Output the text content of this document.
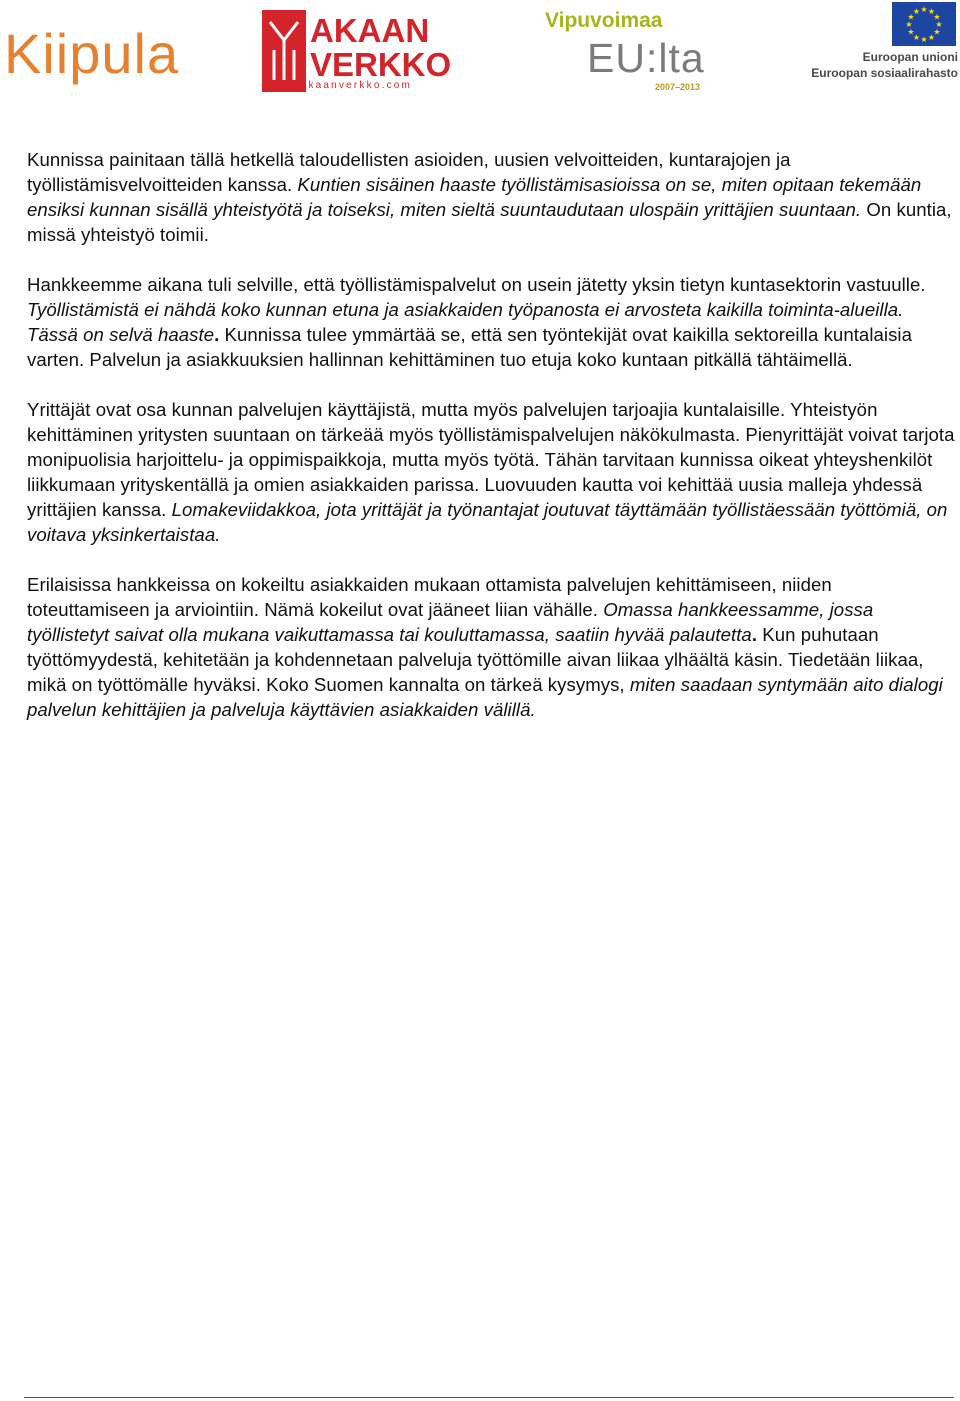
Kiipula	AKAAN
VERKKO
www.akaanverkko.com
Vipuvoimaa
EU:lta
2007–2013
★
★
★
★
★
★
★
★
★ ★ ★
★
Euroopan unioni
Euroopan sosiaalirahasto

Kunnissa painitaan tällä hetkellä taloudellisten asioiden, uusien velvoitteiden, kuntarajojen ja työllistämisvelvoitteiden kanssa. Kuntien sisäinen haaste työllistämisasioissa on se, miten opitaan tekemään ensiksi kunnan sisällä yhteistyötä ja toiseksi, miten sieltä suuntaudutaan ulospäin yrittäjien suuntaan. On kuntia, missä yhteistyö toimii.

Hankkeemme aikana tuli selville, että työllistämispalvelut on usein jätetty yksin tietyn kuntasektorin vastuulle. Työllistämistä ei nähdä koko kunnan etuna ja asiakkaiden työpanosta ei arvosteta kaikilla toiminta-alueilla. Tässä on selvä haaste. Kunnissa tulee ymmärtää se, että sen työntekijät ovat kaikilla sektoreilla kuntalaisia varten. Palvelun ja asiakkuuksien hallinnan kehittäminen tuo etuja koko kuntaan pitkällä tähtäimellä.

Yrittäjät ovat osa kunnan palvelujen käyttäjistä, mutta myös palvelujen tarjoajia kuntalaisille. Yhteistyön kehittäminen yritysten suuntaan on tärkeää myös työllistämispalvelujen näkökulmasta. Pienyrittäjät voivat tarjota monipuolisia harjoittelu- ja oppimispaikkoja, mutta myös työtä. Tähän tarvitaan kunnissa oikeat yhteyshenkilöt liikkumaan yrityskentällä ja omien asiakkaiden parissa. Luovuuden kautta voi kehittää uusia malleja yhdessä yrittäjien kanssa. Lomakeviidakkoa, jota yrittäjät ja työnantajat joutuvat täyttämään työllistäessään työttömiä, on voitava yksinkertaistaa.

Erilaisissa hankkeissa on kokeiltu asiakkaiden mukaan ottamista palvelujen kehittämiseen, niiden toteuttamiseen ja arviointiin. Nämä kokeilut ovat jääneet liian vähälle. Omassa hankkeessamme, jossa työllistetyt saivat olla mukana vaikuttamassa tai kouluttamassa, saatiin hyvää palautetta. Kun puhutaan työttömyydestä, kehitetään ja kohdennetaan palveluja työttömille aivan liikaa ylhäältä käsin. Tiedetään liikaa, mikä on työttömälle hyväksi. Koko Suomen kannalta on tärkeä kysymys, miten saadaan syntymään aito dialogi palvelun kehittäjien ja palveluja käyttävien asiakkaiden välillä.
